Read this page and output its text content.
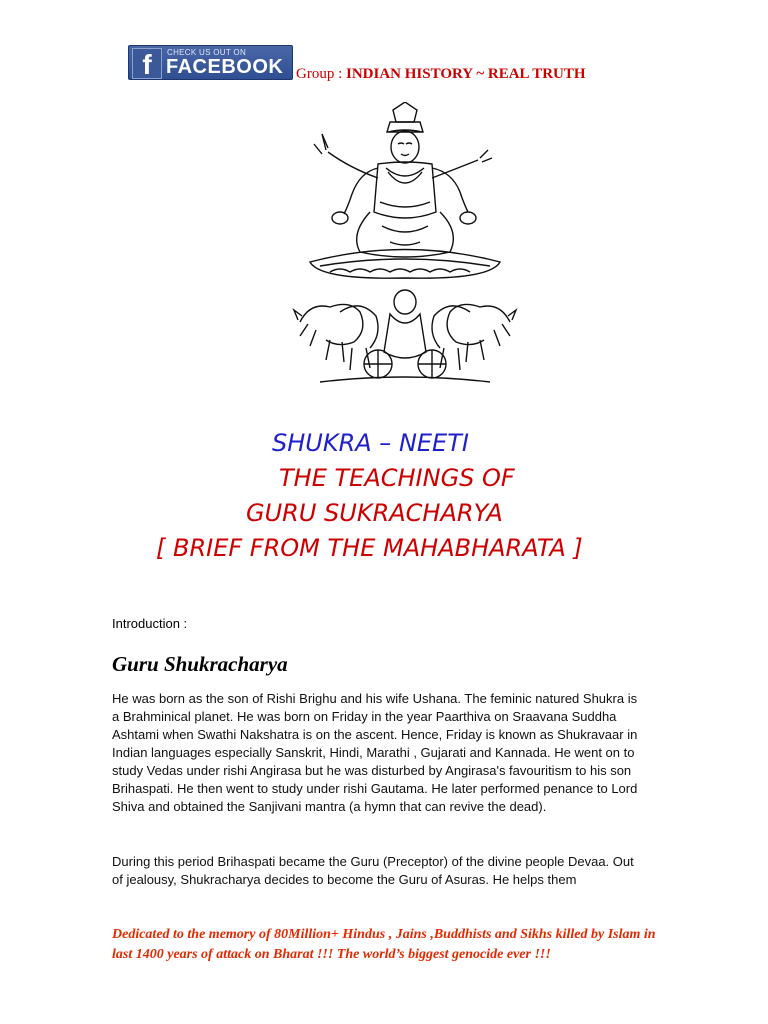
f	CHECK US OUT ON
FACEBOOK Group : INDIAN HISTORY ~ REAL TRUTH
SHUKRA – NEETI
THE TEACHINGS OF
GURU SUKRACHARYA
[ BRIEF FROM THE MAHABHARATA ]
Introduction :
Guru Shukracharya
He was born as the son of Rishi Brighu and his wife Ushana. The feminic natured Shukra is a Brahminical planet. He was born on Friday in the year Paarthiva on Sraavana Suddha Ashtami when Swathi Nakshatra is on the ascent. Hence, Friday is known as Shukravaar in Indian languages especially Sanskrit, Hindi, Marathi , Gujarati and Kannada. He went on to study Vedas under rishi Angirasa but he was disturbed by Angirasa's favouritism to his son Brihaspati. He then went to study under rishi Gautama. He later performed penance to Lord Shiva and obtained the Sanjivani mantra (a hymn that can revive the dead).
During this period Brihaspati became the Guru (Preceptor) of the divine people Devaa. Out of jealousy, Shukracharya decides to become the Guru of Asuras. He helps them
Dedicated to the memory of 80Million+ Hindus , Jains ,Buddhists and Sikhs killed by Islam in last 1400 years of attack on Bharat !!! The world’s biggest genocide ever !!!
